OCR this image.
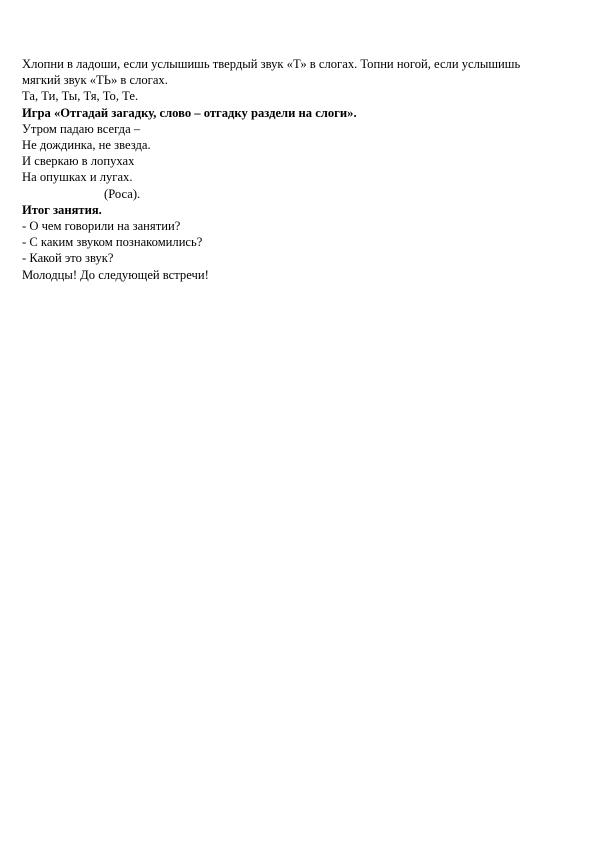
Хлопни в ладоши, если услышишь твердый звук «Т» в слогах. Топни ногой, если услышишь
мягкий звук «ТЬ» в слогах.
Та, Ти, Ты, Тя, То, Те.
Игра «Отгадай загадку, слово – отгадку раздели на слоги».
Утром падаю всегда –
Не дождинка, не звезда.
И сверкаю в лопухах
На опушках и лугах.
(Роса).
Итог занятия.
- О чем говорили на занятии?
- С каким звуком познакомились?
- Какой это звук?
Молодцы! До следующей встречи!
